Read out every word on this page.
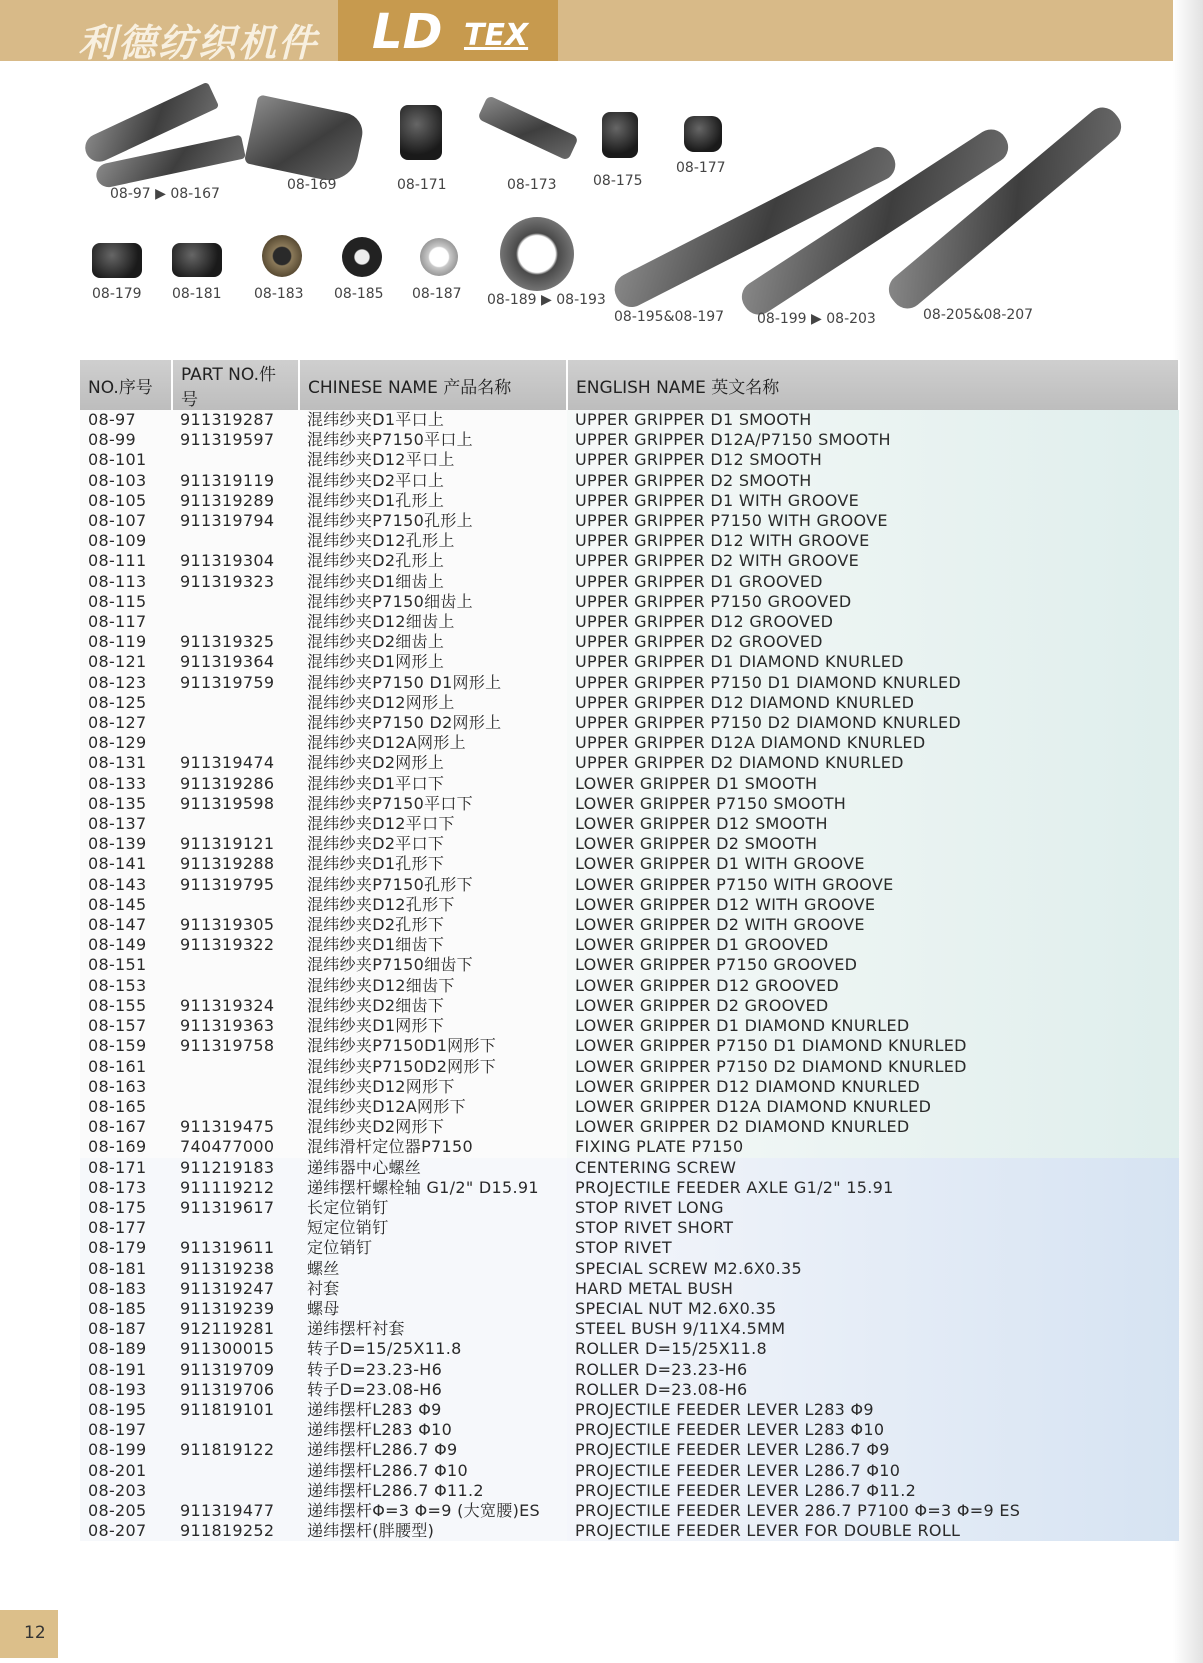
利德纺织机件 LD TEX
08-97 ▶ 08-167
08-169	08-171	08-173	08-175
08-177
08-179 08-181 08-183 08-185 08-187 08-189 ▶ 08-193
08-195&08-197 08-199 ▶ 08-203	08-205&08-207
NO.序号	PART NO.件号	CHINESE NAME 产品名称	ENGLISH NAME 英文名称
08-97	911319287	混纬纱夹D1平口上	UPPER GRIPPER D1 SMOOTH
08-99	911319597	混纬纱夹P7150平口上	UPPER GRIPPER D12A/P7150 SMOOTH
08-101		混纬纱夹D12平口上	UPPER GRIPPER D12 SMOOTH
08-103	911319119	混纬纱夹D2平口上	UPPER GRIPPER D2 SMOOTH
08-105	911319289	混纬纱夹D1孔形上	UPPER GRIPPER D1 WITH GROOVE
08-107	911319794	混纬纱夹P7150孔形上	UPPER GRIPPER P7150 WITH GROOVE
08-109		混纬纱夹D12孔形上	UPPER GRIPPER D12 WITH GROOVE
08-111	911319304	混纬纱夹D2孔形上	UPPER GRIPPER D2 WITH GROOVE
08-113	911319323	混纬纱夹D1细齿上	UPPER GRIPPER D1 GROOVED
08-115		混纬纱夹P7150细齿上	UPPER GRIPPER P7150 GROOVED
08-117		混纬纱夹D12细齿上	UPPER GRIPPER D12 GROOVED
08-119	911319325	混纬纱夹D2细齿上	UPPER GRIPPER D2 GROOVED
08-121	911319364	混纬纱夹D1网形上	UPPER GRIPPER D1 DIAMOND KNURLED
08-123	911319759	混纬纱夹P7150 D1网形上	UPPER GRIPPER P7150 D1 DIAMOND KNURLED
08-125		混纬纱夹D12网形上	UPPER GRIPPER D12 DIAMOND KNURLED
08-127		混纬纱夹P7150 D2网形上	UPPER GRIPPER P7150 D2 DIAMOND KNURLED
08-129		混纬纱夹D12A网形上	UPPER GRIPPER D12A DIAMOND KNURLED
08-131	911319474	混纬纱夹D2网形上	UPPER GRIPPER D2 DIAMOND KNURLED
08-133	911319286	混纬纱夹D1平口下	LOWER GRIPPER D1 SMOOTH
08-135	911319598	混纬纱夹P7150平口下	LOWER GRIPPER P7150 SMOOTH
08-137		混纬纱夹D12平口下	LOWER GRIPPER D12 SMOOTH
08-139	911319121	混纬纱夹D2平口下	LOWER GRIPPER D2 SMOOTH
08-141	911319288	混纬纱夹D1孔形下	LOWER GRIPPER D1 WITH GROOVE
08-143	911319795	混纬纱夹P7150孔形下	LOWER GRIPPER P7150 WITH GROOVE
08-145		混纬纱夹D12孔形下	LOWER GRIPPER D12 WITH GROOVE
08-147	911319305	混纬纱夹D2孔形下	LOWER GRIPPER D2 WITH GROOVE
08-149	911319322	混纬纱夹D1细齿下	LOWER GRIPPER D1 GROOVED
08-151		混纬纱夹P7150细齿下	LOWER GRIPPER P7150 GROOVED
08-153		混纬纱夹D12细齿下	LOWER GRIPPER D12 GROOVED
08-155	911319324	混纬纱夹D2细齿下	LOWER GRIPPER D2 GROOVED
08-157	911319363	混纬纱夹D1网形下	LOWER GRIPPER D1 DIAMOND KNURLED
08-159	911319758	混纬纱夹P7150D1网形下	LOWER GRIPPER P7150 D1 DIAMOND KNURLED
08-161		混纬纱夹P7150D2网形下	LOWER GRIPPER P7150 D2 DIAMOND KNURLED
08-163		混纬纱夹D12网形下	LOWER GRIPPER D12 DIAMOND KNURLED
08-165		混纬纱夹D12A网形下	LOWER GRIPPER D12A DIAMOND KNURLED
08-167	911319475	混纬纱夹D2网形下	LOWER GRIPPER D2 DIAMOND KNURLED
08-169	740477000	混纬滑杆定位器P7150	FIXING PLATE P7150
08-171	911219183	递纬器中心螺丝	CENTERING SCREW
08-173	911119212	递纬摆杆螺栓轴 G1/2" D15.91	PROJECTILE FEEDER AXLE G1/2" 15.91
08-175	911319617	长定位销钉	STOP RIVET LONG
08-177		短定位销钉	STOP RIVET SHORT
08-179	911319611	定位销钉	STOP RIVET
08-181	911319238	螺丝	SPECIAL SCREW M2.6X0.35
08-183	911319247	衬套	HARD METAL BUSH
08-185	911319239	螺母	SPECIAL NUT M2.6X0.35
08-187	912119281	递纬摆杆衬套	STEEL BUSH 9/11X4.5MM
08-189	911300015	转子D=15/25X11.8	ROLLER D=15/25X11.8
08-191	911319709	转子D=23.23-H6	ROLLER D=23.23-H6
08-193	911319706	转子D=23.08-H6	ROLLER D=23.08-H6
08-195	911819101	递纬摆杆L283 Φ9	PROJECTILE FEEDER LEVER L283 Φ9
08-197		递纬摆杆L283 Φ10	PROJECTILE FEEDER LEVER L283 Φ10
08-199	911819122	递纬摆杆L286.7 Φ9	PROJECTILE FEEDER LEVER L286.7 Φ9
08-201		递纬摆杆L286.7 Φ10	PROJECTILE FEEDER LEVER L286.7 Φ10
08-203		递纬摆杆L286.7 Φ11.2	PROJECTILE FEEDER LEVER L286.7 Φ11.2
08-205	911319477	递纬摆杆Φ=3 Φ=9 (大宽腰)ES	PROJECTILE FEEDER LEVER 286.7 P7100 Φ=3 Φ=9 ES
08-207	911819252	递纬摆杆(胖腰型)	PROJECTILE FEEDER LEVER FOR DOUBLE ROLL
12
